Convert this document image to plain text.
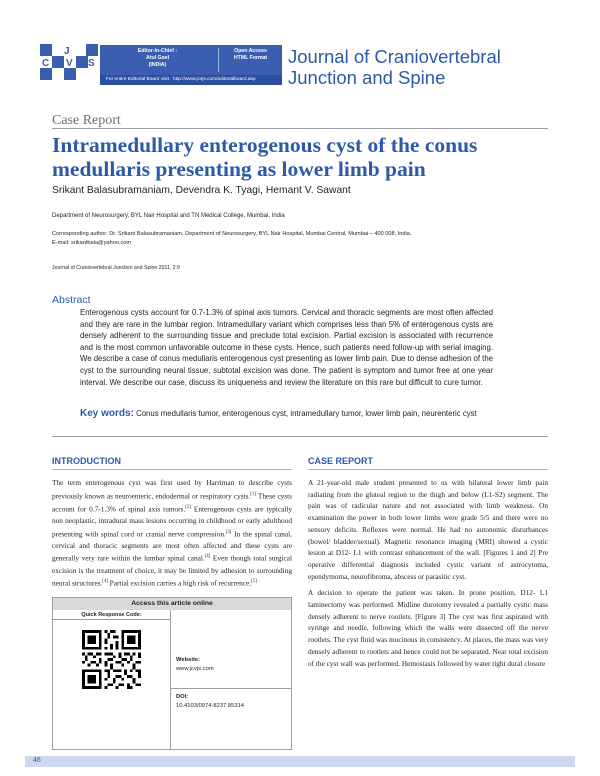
J
C V S
Editor-in-Chief :
Atul Goel
(INDIA)
Open Access
HTML Format
For entire Editorial Board visit : http://www.jcvjs.com/editorialboard.asp
Journal of Craniovertebral
Junction and Spine
Case Report
Intramedullary enterogenous cyst of the conus medullaris presenting as lower limb pain
Srikant Balasubramaniam, Devendra K. Tyagi, Hemant V. Sawant
Department of Neurosurgery, BYL Nair Hospital and TN Medical College, Mumbai, India
Corresponding author: Dr. Srikant Balasubramaniam, Department of Neurosurgery, BYL Nair Hospital, Mumbai Central, Mumbai – 400 008, India.
E-mail: srikantbala@yahoo.com
Journal of Craniovertebral Junction and Spine 2011, 2:9
Abstract
Enterogenous cysts account for 0.7-1.3% of spinal axis tumors. Cervical and thoracic segments are most often affected and they are rare in the lumbar region. Intramedullary variant which comprises less than 5% of enterogenous cysts are densely adherent to the surrounding tissue and preclude total excision. Partial excision is associated with recurrence and is the most common unfavorable outcome in these cysts. Hence, such patients need follow-up with serial imaging. We describe a case of conus medullaris enterogenous cyst presenting as lower limb pain. Due to dense adhesion of the cyst to the surrounding neural tissue, subtotal excision was done. The patient is symptom and tumor free at one year interval. We describe our case, discuss its uniqueness and review the literature on this rare but difficult to cure tumor.
Key words: Conus medullaris tumor, enterogenous cyst, intramedullary tumor, lower limb pain, neurenteric cyst
INTRODUCTION

The term enterogenous cyst was first used by Harriman to describe cysts previously known as neuroenteric, endodermal or respiratory cysts.[1] These cysts account for 0.7-1.3% of spinal axis tumors.[2] Enterogenous cysts are typically non neoplastic, intradural mass lesions occurring in childhood or early adulthood presenting with spinal cord or cranial nerve compression.[3] In the spinal canal, cervical and thoracic segments are most often affected and these cysts are generally very rare within the lumbar spinal canal.[4] Even though total surgical excision is the treatment of choice, it may be limited by adhesion to surrounding neural structures.[4] Partial excision carries a high risk of recurrence.[5]

Access this article online
Quick Response Code:
Website:
www.jcvjs.com
DOI:
10.4103/0974-8237.85314
CASE REPORT

A 21-year-old male student presented to us with bilateral lower limb pain radiating from the gluteal region to the thigh and below (L1-S2) segment. The pain was of radicular nature and not associated with limb weakness. On examination the power in both lower limbs were grade 5/5 and there were no sensory deficits. Reflexes were normal. He had no autonomic disturbances (bowel/ bladder/sexual). Magnetic resonance imaging (MRI) showed a cystic lesion at D12- L1 with contrast enhancement of the wall. [Figures 1 and 2] Pre operative differential diagnosis included cystic variant of astrocytoma, ependymoma, neurofibroma, abscess or parasitic cyst.

A decision to operate the patient was taken. In prone position, D12- L1 laminectomy was performed. Midline durotomy revealed a partially cystic mass densely adherent to nerve rootlets. [Figure 3] The cyst was first aspirated with syringe and needle, following which the walls were dissected off the nerve rootlets. The cyst fluid was mucinous in consistency. At places, the mass was very densely adherent to rootlets and hence could not be separated. Near total excision of the cyst wall was performed. Hemostasis followed by water tight dural closure

46
